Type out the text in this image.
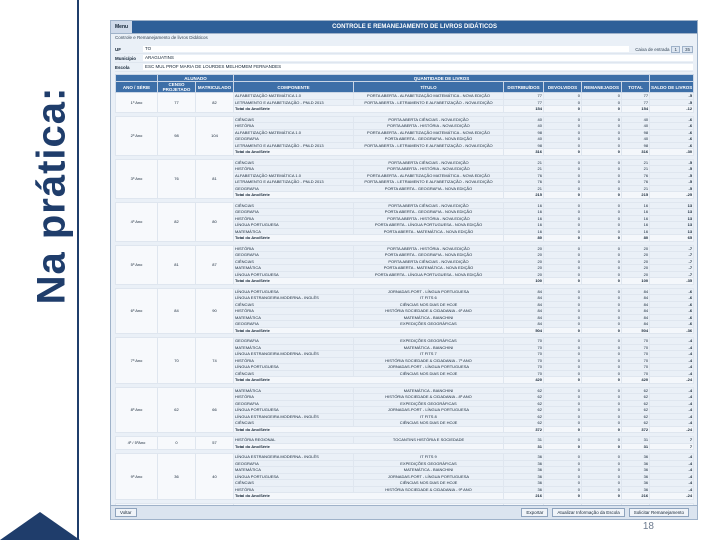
Na prática:
18
Menu	CONTROLE E REMANEJAMENTO DE LIVROS DIDÁTICOS
Controle e Remanejamento de livros Didáticos
UF	TO	Caixa de entrada	1	35
Município	ARAGUATINS
Escola	ESC MUL PROF MARIA DE LOURDES MELHOMEM FERNANDES
	ALUNADO		QUANTIDADE DE LIVROS						
ANO / SÉRIE	CENSO PROJETADO	MATRICULADO	COMPONENTE	TÍTULO	DISTRIBUÍDOS	DEVOLVIDOS	REMANEJADOS	TOTAL	SALDO DE LIVROS
1º Ano	77	82	ALFABETIZAÇÃO MATEMÁTICA 1.0	PORTA ABERTA - ALFABETIZAÇÃO MATEMÁTICA - NOVA EDIÇÃO	77	0	0	77	-5
			LETRAMENTO E ALFABETIZAÇÃO - PNLD 2013	PORTA ABERTA - LETRAMENTO E ALFABETIZAÇÃO - NOVA EDIÇÃO	77	0	0	77	-5
			Total do Ano/Série		154	0	0	154	-12

2º Ano	98	104	CIÊNCIAS	PORTA ABERTA CIÊNCIAS - NOVA EDIÇÃO	40	0	0	40	-6
			HISTÓRIA	PORTA ABERTA - HISTÓRIA - NOVA EDIÇÃO	40	0	0	40	-6
			ALFABETIZAÇÃO MATEMÁTICA 1.0	PORTA ABERTA - ALFABETIZAÇÃO MATEMÁTICA - NOVA EDIÇÃO	98	0	0	98	-6
			GEOGRAFIA	PORTA ABERTA - GEOGRAFIA - NOVA EDIÇÃO	40	0	0	40	-6
			LETRAMENTO E ALFABETIZAÇÃO - PNLD 2013	PORTA ABERTA - LETRAMENTO E ALFABETIZAÇÃO - NOVA EDIÇÃO	98	0	0	98	-6
			Total do Ano/Série		316	0	0	316	-30

3º Ano	76	81	CIÊNCIAS	PORTA ABERTA CIÊNCIAS - NOVA EDIÇÃO	21	0	0	21	-5
			HISTÓRIA	PORTA ABERTA - HISTÓRIA - NOVA EDIÇÃO	21	0	0	21	-5
			ALFABETIZAÇÃO MATEMÁTICA 1.0	PORTA ABERTA - ALFABETIZAÇÃO MATEMÁTICA - NOVA EDIÇÃO	76	0	0	76	-5
			LETRAMENTO E ALFABETIZAÇÃO - PNLD 2013	PORTA ABERTA - LETRAMENTO E ALFABETIZAÇÃO - NOVA EDIÇÃO	76	0	0	76	-5
			GEOGRAFIA	PORTA ABERTA - GEOGRAFIA - NOVA EDIÇÃO	21	0	0	21	-5
			Total do Ano/Série		215	0	0	215	-25

4º Ano	82	80	CIÊNCIAS	PORTA ABERTA CIÊNCIAS - NOVA EDIÇÃO	16	0	0	16	13
			GEOGRAFIA	PORTA ABERTA - GEOGRAFIA - NOVA EDIÇÃO	16	0	0	16	13
			HISTÓRIA	PORTA ABERTA - HISTÓRIA - NOVA EDIÇÃO	16	0	0	16	13
			LÍNGUA PORTUGUESA	PORTA ABERTA - LÍNGUA PORTUGUESA - NOVA EDIÇÃO	16	0	0	16	13
			MATEMÁTICA	PORTA ABERTA - MATEMÁTICA - NOVA EDIÇÃO	16	0	0	16	13
			Total do Ano/Série		80	0	0	80	65

5º Ano	81	87	HISTÓRIA	PORTA ABERTA - HISTÓRIA - NOVA EDIÇÃO	20	0	0	20	-7
			GEOGRAFIA	PORTA ABERTA - GEOGRAFIA - NOVA EDIÇÃO	20	0	0	20	-7
			CIÊNCIAS	PORTA ABERTA CIÊNCIAS - NOVA EDIÇÃO	20	0	0	20	-7
			MATEMÁTICA	PORTA ABERTA - MATEMÁTICA - NOVA EDIÇÃO	20	0	0	20	-7
			LÍNGUA PORTUGUESA	PORTA ABERTA - LÍNGUA PORTUGUESA - NOVA EDIÇÃO	20	0	0	20	-7
			Total do Ano/Série		100	0	0	100	-35

6º Ano	84	90	LÍNGUA PORTUGUESA	JORNADAS.PORT - LÍNGUA PORTUGUESA	84	0	0	84	-6
			LÍNGUA ESTRANGEIRA MODERNA - INGLÊS	IT FITS 6	84	0	0	84	-6
			CIÊNCIAS	CIÊNCIAS NOS DIAS DE HOJE	84	0	0	84	-6
			HISTÓRIA	HISTÓRIA SOCIEDADE & CIDADANIA - 6º ANO	84	0	0	84	-6
			MATEMÁTICA	MATEMÁTICA - BIANCHINI	84	0	0	84	-6
			GEOGRAFIA	EXPEDIÇÕES GEOGRÁFICAS	84	0	0	84	-6
			Total do Ano/Série		504	0	0	504	-36

7º Ano	70	74	GEOGRAFIA	EXPEDIÇÕES GEOGRÁFICAS	70	0	0	70	-4
			MATEMÁTICA	MATEMÁTICA - BIANCHINI	70	0	0	70	-4
			LÍNGUA ESTRANGEIRA MODERNA - INGLÊS	IT FITS 7	70	0	0	70	-4
			HISTÓRIA	HISTÓRIA SOCIEDADE & CIDADANIA - 7º ANO	70	0	0	70	-4
			LÍNGUA PORTUGUESA	JORNADAS.PORT - LÍNGUA PORTUGUESA	70	0	0	70	-4
			CIÊNCIAS	CIÊNCIAS NOS DIAS DE HOJE	70	0	0	70	-4
			Total do Ano/Série		420	0	0	420	-24

8º Ano	62	66	MATEMÁTICA	MATEMÁTICA - BIANCHINI	62	0	0	62	-4
			HISTÓRIA	HISTÓRIA SOCIEDADE & CIDADANIA - 8º ANO	62	0	0	62	-4
			GEOGRAFIA	EXPEDIÇÕES GEOGRÁFICAS	62	0	0	62	-4
			LÍNGUA PORTUGUESA	JORNADAS.PORT - LÍNGUA PORTUGUESA	62	0	0	62	-4
			LÍNGUA ESTRANGEIRA MODERNA - INGLÊS	IT FITS 8	62	0	0	62	-4
			CIÊNCIAS	CIÊNCIAS NOS DIAS DE HOJE	62	0	0	62	-4
			Total do Ano/Série		372	0	0	372	-24

4º / 5ºAno	0	57	HISTÓRIA REGIONAL	TOCANTINS HISTÓRIA E SOCIEDADE	31	0	0	31	7
			Total do Ano/Série		31	0	0	31	7

9º Ano	36	40	LÍNGUA ESTRANGEIRA MODERNA - INGLÊS	IT FITS 9	36	0	0	36	-4
			GEOGRAFIA	EXPEDIÇÕES GEOGRÁFICAS	36	0	0	36	-4
			MATEMÁTICA	MATEMÁTICA - BIANCHINI	36	0	0	36	-4
			LÍNGUA PORTUGUESA	JORNADAS.PORT - LÍNGUA PORTUGUESA	36	0	0	36	-4
			CIÊNCIAS	CIÊNCIAS NOS DIAS DE HOJE	36	0	0	36	-4
			HISTÓRIA	HISTÓRIA SOCIEDADE & CIDADANIA - 9º ANO	36	0	0	36	-4
			Total do Ano/Série		216	0	0	216	-24

Voltar	Exportar	Atualizar Informação da Escola	Solicitar Remanejamento
